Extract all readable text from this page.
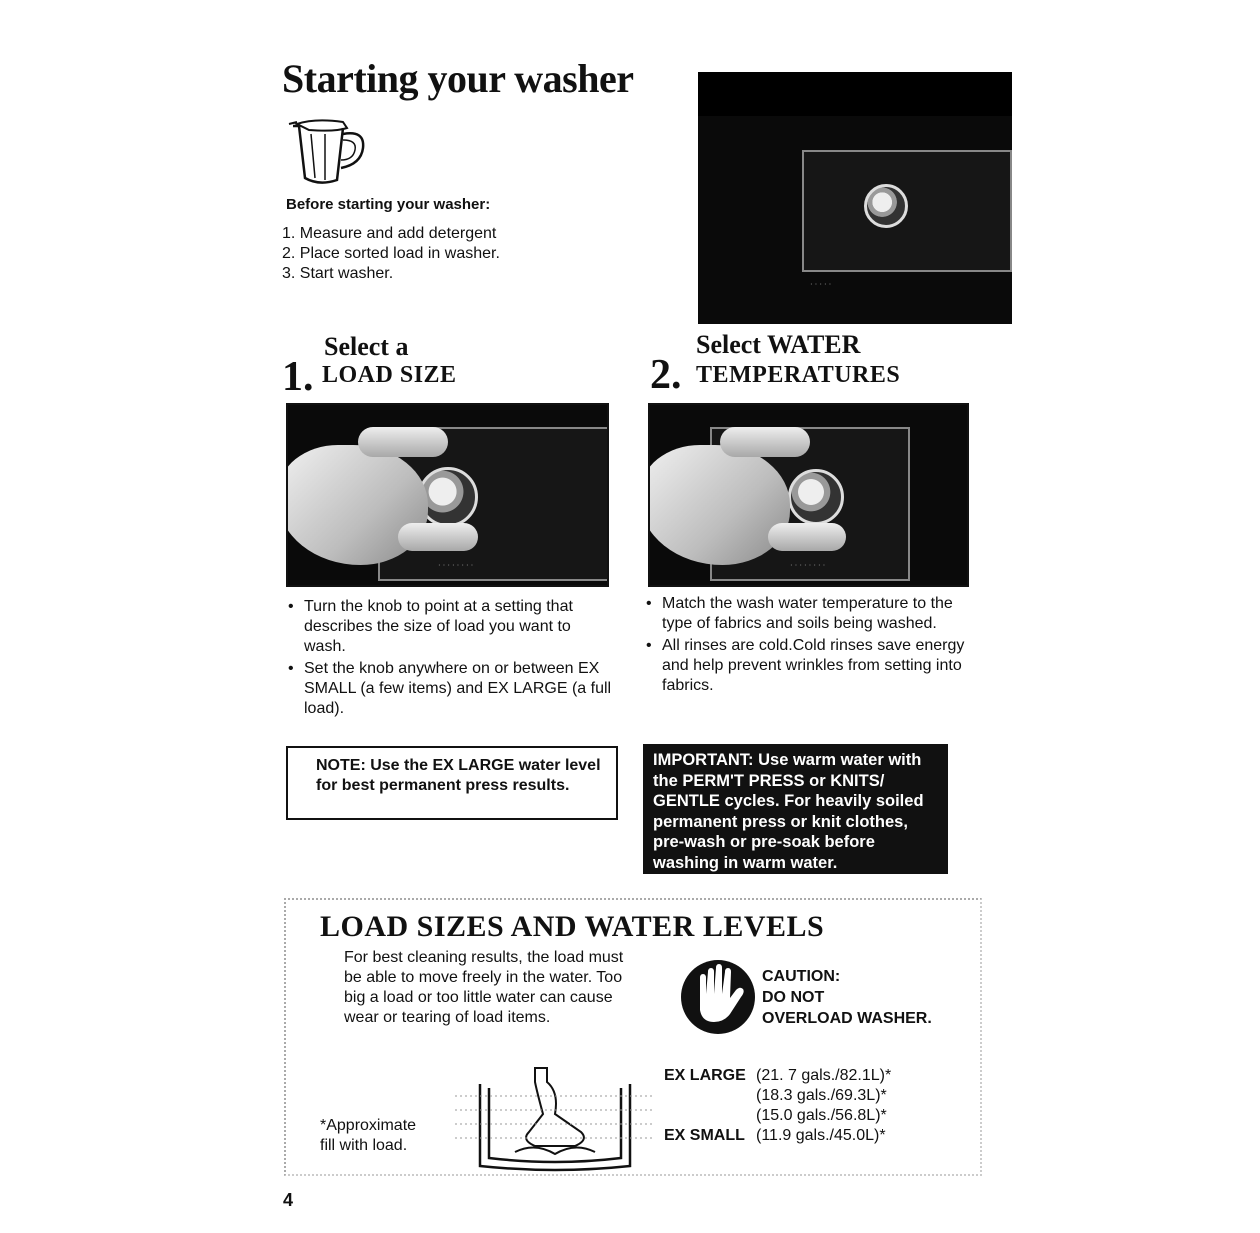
Starting your washer
Before starting your washer:
1. Measure and add detergent
2. Place sorted load in washer.
3. Start washer.
·····
Select a
1. LOAD SIZE
Select WATER
2. TEMPERATURES
········	········
• Turn the knob to point at a setting that describes the size of load you want to wash.
• Set the knob anywhere on or between EX SMALL (a few items) and EX LARGE (a full load).
• Match the wash water temperature to the type of fabrics and soils being washed.
• All rinses are cold.Cold rinses save energy and help prevent wrinkles from setting into fabrics.
NOTE: Use the EX LARGE water level for best permanent press results.
IMPORTANT: Use warm water with the PERM'T PRESS or KNITS/ GENTLE cycles. For heavily soiled permanent press or knit clothes, pre-wash or pre-soak before washing in warm water.
LOAD SIZES AND WATER LEVELS
For best cleaning results, the load must be able to move freely in the water. Too big a load or too little water can cause wear or tearing of load items.
CAUTION:
DO NOT
OVERLOAD WASHER.
EX LARGE (21. 7 gals./82.1L)*
(18.3 gals./69.3L)*
(15.0 gals./56.8L)*
EX SMALL (11.9 gals./45.0L)*
*Approximate
fill with load.
4
